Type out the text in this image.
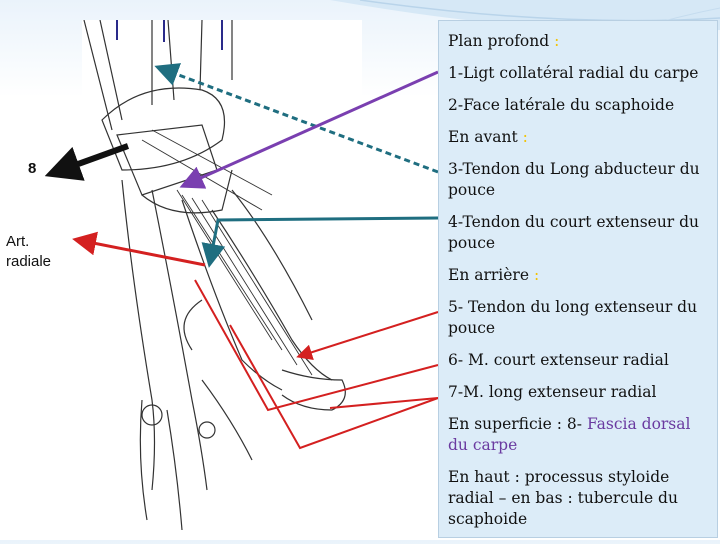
8
Art.
radiale

Plan profond :

1-Ligt collatéral radial du carpe

2-Face latérale du scaphoide

En avant :

3-Tendon du Long abducteur du pouce

4-Tendon du court extenseur du pouce

En arrière :

5- Tendon du long extenseur du pouce

6- M. court extenseur radial

7-M. long extenseur radial

En superficie : 8- Fascia dorsal du carpe

En haut : processus styloide radial – en bas : tubercule du scaphoide
